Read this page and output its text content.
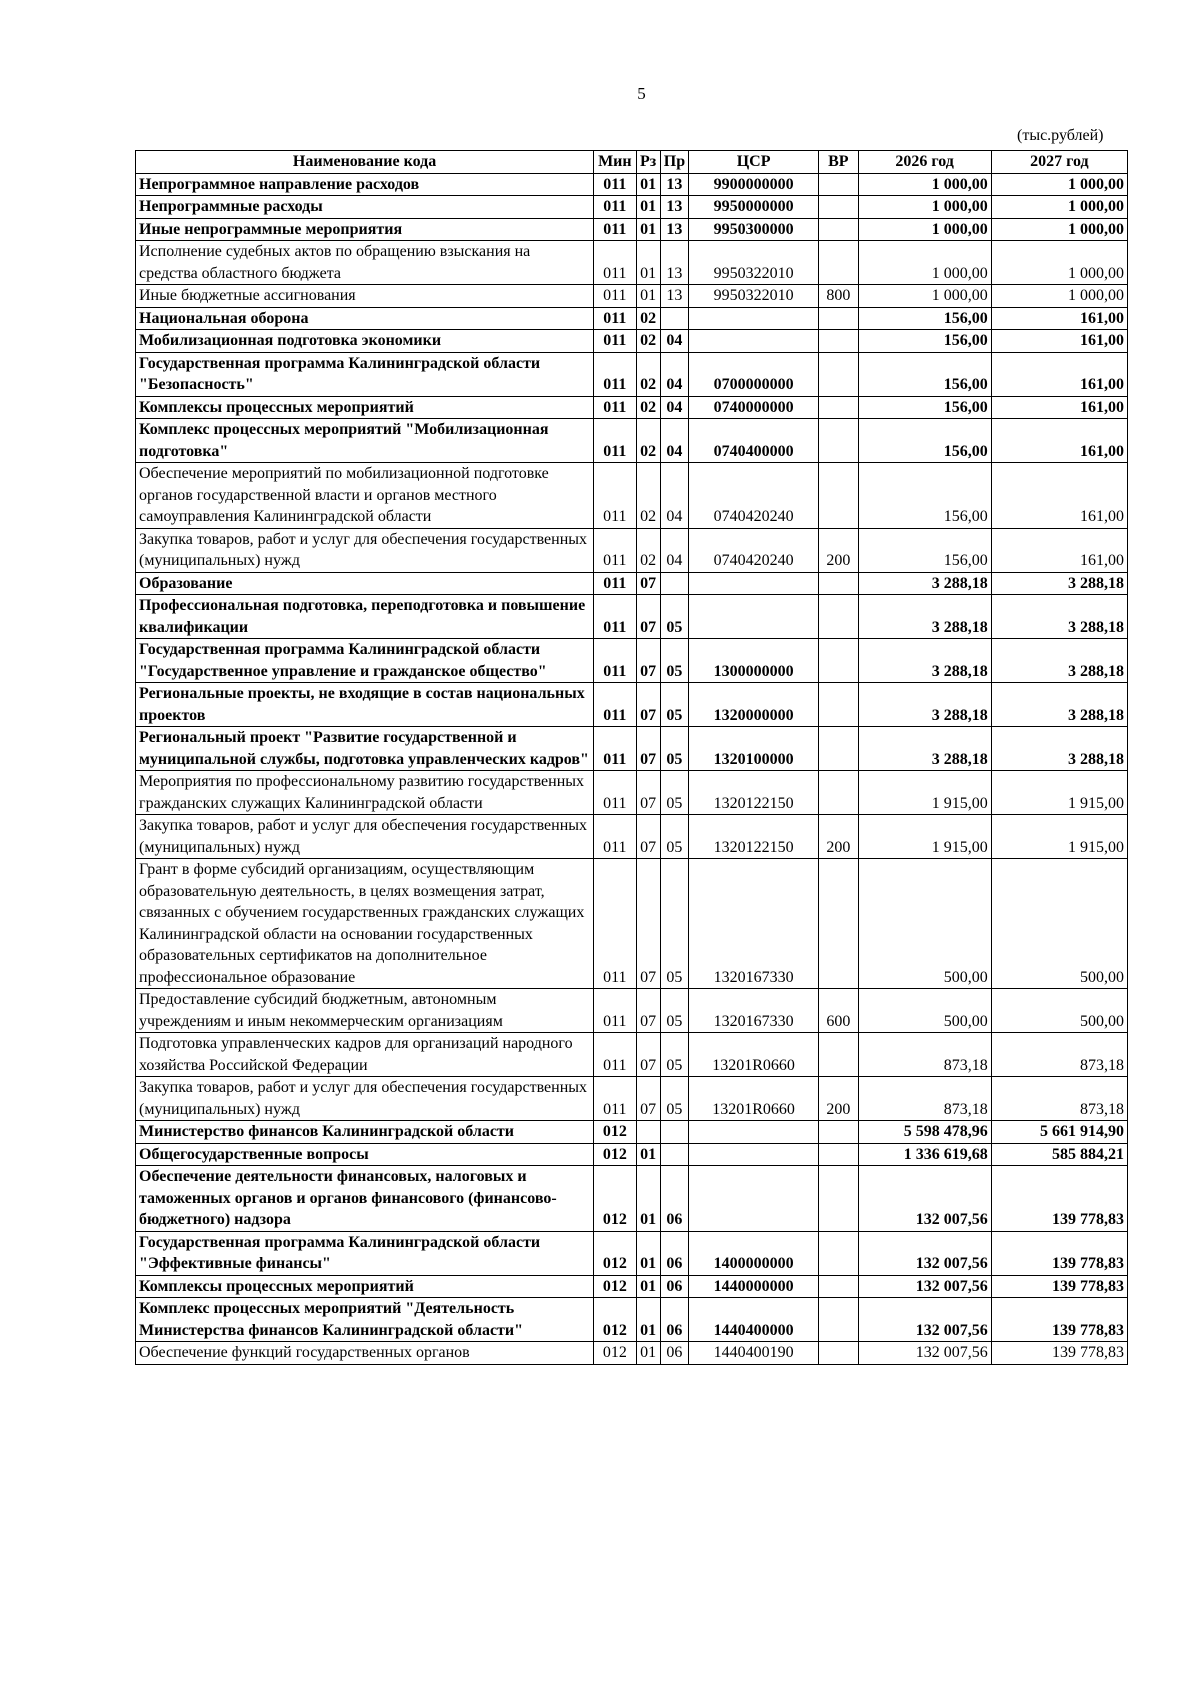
5
(тыс.рублей)
Наименование кода	Мин	Рз	Пр	ЦСР	ВР	2026 год	2027 год
Непрограммное направление расходов	011	01	13	9900000000		1 000,00	1 000,00
Непрограммные расходы	011	01	13	9950000000		1 000,00	1 000,00
Иные непрограммные мероприятия	011	01	13	9950300000		1 000,00	1 000,00
Исполнение судебных актов по обращению взыскания на средства областного бюджета	011	01	13	9950322010		1 000,00	1 000,00
Иные бюджетные ассигнования	011	01	13	9950322010	800	1 000,00	1 000,00
Национальная оборона	011	02				156,00	161,00
Мобилизационная подготовка экономики	011	02	04			156,00	161,00
Государственная программа Калининградской области "Безопасность"	011	02	04	0700000000		156,00	161,00
Комплексы процессных мероприятий	011	02	04	0740000000		156,00	161,00
Комплекс процессных мероприятий "Мобилизационная подготовка"	011	02	04	0740400000		156,00	161,00
Обеспечение мероприятий по мобилизационной подготовке органов государственной власти и органов местного самоуправления Калининградской области	011	02	04	0740420240		156,00	161,00
Закупка товаров, работ и услуг для обеспечения государственных (муниципальных) нужд	011	02	04	0740420240	200	156,00	161,00
Образование	011	07				3 288,18	3 288,18
Профессиональная подготовка, переподготовка и повышение квалификации	011	07	05			3 288,18	3 288,18
Государственная программа Калининградской области "Государственное управление и гражданское общество"	011	07	05	1300000000		3 288,18	3 288,18
Региональные проекты, не входящие в состав национальных проектов	011	07	05	1320000000		3 288,18	3 288,18
Региональный проект "Развитие государственной и муниципальной службы, подготовка управленческих кадров"	011	07	05	1320100000		3 288,18	3 288,18
Мероприятия по профессиональному развитию государственных гражданских служащих Калининградской области	011	07	05	1320122150		1 915,00	1 915,00
Закупка товаров, работ и услуг для обеспечения государственных (муниципальных) нужд	011	07	05	1320122150	200	1 915,00	1 915,00
Грант в форме субсидий организациям, осуществляющим образовательную деятельность, в целях возмещения затрат, связанных с обучением государственных гражданских служащих Калининградской области на основании государственных образовательных сертификатов на дополнительное профессиональное образование	011	07	05	1320167330		500,00	500,00
Предоставление субсидий бюджетным, автономным учреждениям и иным некоммерческим организациям	011	07	05	1320167330	600	500,00	500,00
Подготовка управленческих кадров для организаций народного хозяйства Российской Федерации	011	07	05	13201R0660		873,18	873,18
Закупка товаров, работ и услуг для обеспечения государственных (муниципальных) нужд	011	07	05	13201R0660	200	873,18	873,18
Министерство финансов Калининградской области	012					5 598 478,96	5 661 914,90
Общегосударственные вопросы	012	01				1 336 619,68	585 884,21
Обеспечение деятельности финансовых, налоговых и таможенных органов и органов финансового (финансово-бюджетного) надзора	012	01	06			132 007,56	139 778,83
Государственная программа Калининградской области "Эффективные финансы"	012	01	06	1400000000		132 007,56	139 778,83
Комплексы процессных мероприятий	012	01	06	1440000000		132 007,56	139 778,83
Комплекс процессных мероприятий "Деятельность Министерства финансов Калининградской области"	012	01	06	1440400000		132 007,56	139 778,83
Обеспечение функций государственных органов	012	01	06	1440400190		132 007,56	139 778,83
